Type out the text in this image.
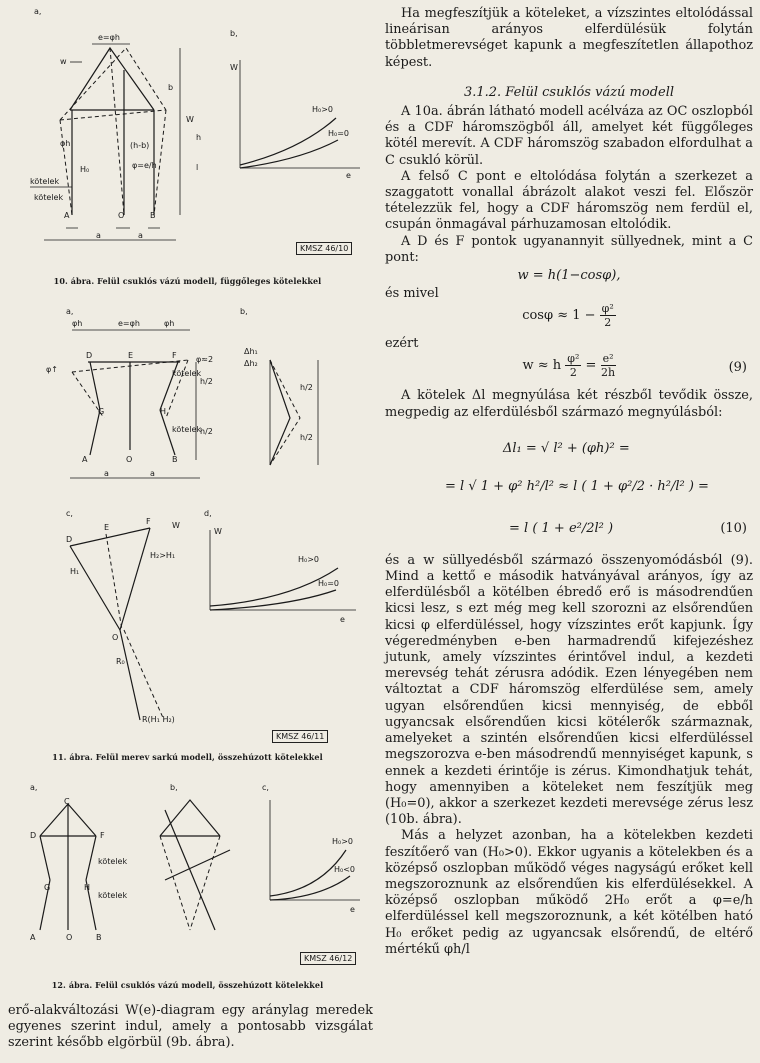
a,
e=φh
w
b
h
l
W
φh
H₀
(h-b)
φ=e/h
kötelek
kötelek
A	O	B
a	a
b,
W
e
H₀>0
H₀=0
KMSZ 46/10
10. ábra. Felül csuklós vázú modell, függőleges kötelekkel
a,
φh	e=φh	φh
D	E	F
φ↑
φ≈2
kötelek
G	H
kötelek
A	O	B
a	a
h/2
h/2
b,
Δh₁
Δh₂
h/2
h/2
c,
D
E
F	W
H₂>H₁
H₁
O
R₀
R(H₁ H₂)
d,
W
e
H₀>0
H₀=0
KMSZ 46/11
11. ábra. Felül merev sarkú modell, összehúzott kötelekkel
a,
C
D	F
kötelek
kötelek
G	H
A	O	B
b,	c,
H₀>0
H₀<0
e
KMSZ 46/12
12. ábra. Felül csuklós vázú modell, összehúzott kötelekkel

erő-alakváltozási W(e)-diagram egy aránylag meredek egyenes szerint indul, amely a pontosabb vizsgálat szerint később elgörbül (9b. ábra).

Ha megfeszítjük a köteleket, a vízszintes eltolódással lineárisan arányos elferdülésük folytán többletmerevséget kapunk a megfeszítetlen állapothoz képest.

3.1.2. Felül csuklós vázú modell

A 10a. ábrán látható modell acélváza az OC oszlopból és a CDF háromszögből áll, amelyet két függőleges kötél merevít. A CDF háromszög szabadon elfordulhat a C csukló körül.

A felső C pont e eltolódása folytán a szerkezet a szaggatott vonallal ábrázolt alakot veszi fel. Először tételezzük fel, hogy a CDF háromszög nem ferdül el, csupán önmagával párhuzamosan eltolódik.

A D és F pontok ugyanannyit süllyednek, mint a C pont:

w = h(1−cosφ),

és mivel

$\cos\varphi \approx 1 - \frac{\text{φ²}}{2}$

ezért

w ≈ h $\frac{\text{φ²}}{2} = \frac{\text{e²}}{2h}$	(9)

A kötelek Δl megnyúlása két részből tevődik össze, megpedig az elferdülésből származó megnyúlásból:

Δl₁ = √ l² + (φh)² =
= l √ 1 + φ² h²/l² ≈ l ( 1 + φ²/2 · h²/l² ) =
= l ( 1 + e²/2l² )	(10)

és a w süllyedésből származó összenyomódásból (9). Mind a kettő e második hatványával arányos, így az elferdülésből a kötélben ébredő erő is másodrendűen kicsi lesz, s ezt még meg kell szorozni az elsőrendűen kicsi φ elferdüléssel, hogy vízszintes erőt kapjunk. Így végeredményben e-ben harmadrendű kifejezéshez jutunk, amely vízszintes érintővel indul, a kezdeti merevség tehát zérusra adódik. Ezen lényegében nem változtat a CDF háromszög elferdülése sem, amely ugyan elsőrendűen kicsi mennyiség, de ebből ugyancsak elsőrendűen kicsi kötélerők származnak, amelyeket a szintén elsőrendűen kicsi elferdüléssel megszorozva e-ben másodrendű mennyiséget kapunk, s ennek a kezdeti érintője is zérus. Kimondhatjuk tehát, hogy amennyiben a köteleket nem feszítjük meg (H₀=0), akkor a szerkezet kezdeti merevsége zérus lesz (10b. ábra).

Más a helyzet azonban, ha a kötelekben kezdeti feszítőerő van (H₀>0). Ekkor ugyanis a kötelekben és a középső oszlopban működő véges nagyságú erőket kell megszoroznunk az elsőrendűen kis elferdülésekkel. A középső oszlopban működő 2H₀ erőt a φ=e/h elferdüléssel kell megszoroznunk, a két kötélben ható H₀ erőket pedig az ugyancsak elsőrendű, de eltérő mértékű φh/l
